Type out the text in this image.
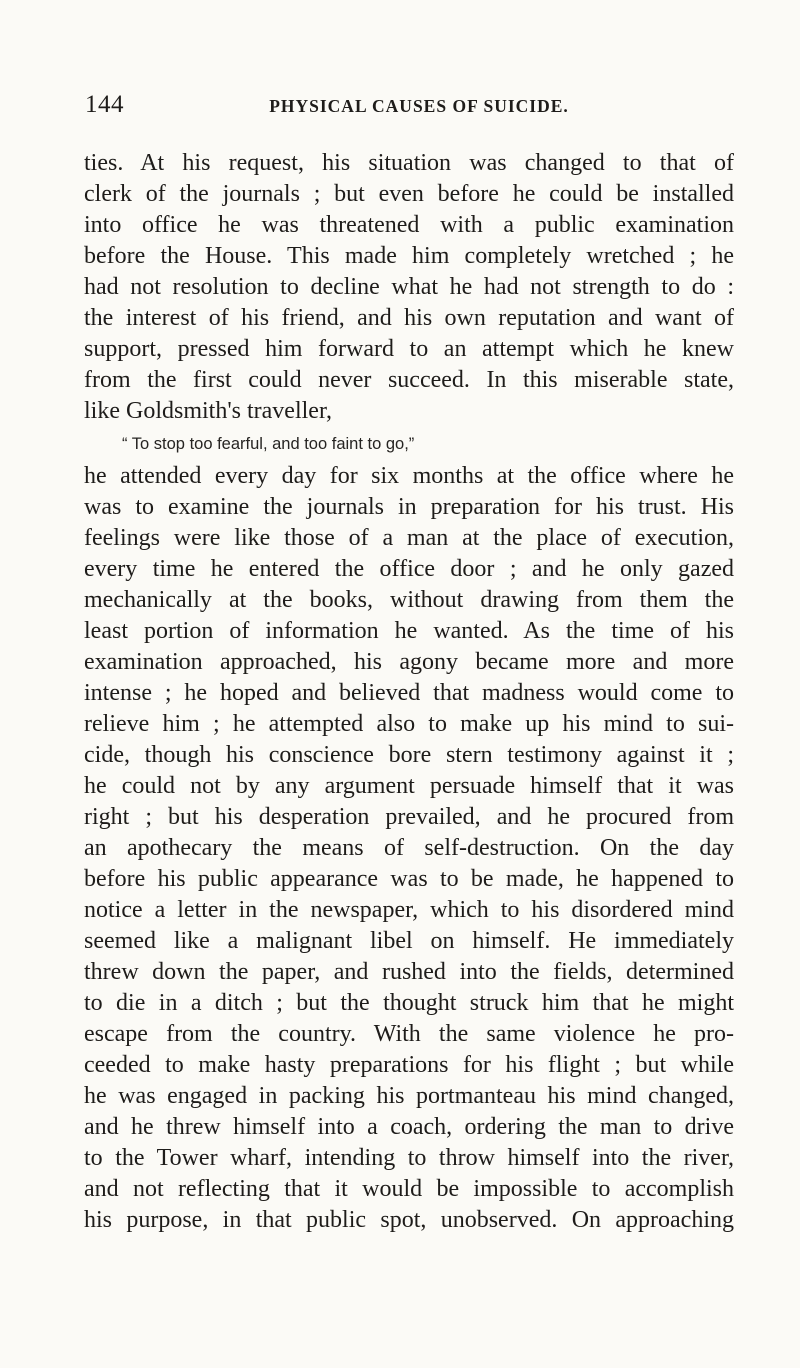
144	PHYSICAL CAUSES OF SUICIDE.
ties. At his request, his situation was changed to that of
clerk of the journals ; but even before he could be installed
into office he was threatened with a public examination
before the House. This made him completely wretched ; he
had not resolution to decline what he had not strength to do :
the interest of his friend, and his own reputation and want of
support, pressed him forward to an attempt which he knew
from the first could never succeed. In this miserable state,
like Goldsmith's traveller,
“ To stop too fearful, and too faint to go,”
he attended every day for six months at the office where he
was to examine the journals in preparation for his trust. His
feelings were like those of a man at the place of execution,
every time he entered the office door ; and he only gazed
mechanically at the books, without drawing from them the
least portion of information he wanted. As the time of his
examination approached, his agony became more and more
intense ; he hoped and believed that madness would come to
relieve him ; he attempted also to make up his mind to sui-
cide, though his conscience bore stern testimony against it ;
he could not by any argument persuade himself that it was
right ; but his desperation prevailed, and he procured from
an apothecary the means of self-destruction. On the day
before his public appearance was to be made, he happened to
notice a letter in the newspaper, which to his disordered mind
seemed like a malignant libel on himself. He immediately
threw down the paper, and rushed into the fields, determined
to die in a ditch ; but the thought struck him that he might
escape from the country. With the same violence he pro-
ceeded to make hasty preparations for his flight ; but while
he was engaged in packing his portmanteau his mind changed,
and he threw himself into a coach, ordering the man to drive
to the Tower wharf, intending to throw himself into the river,
and not reflecting that it would be impossible to accomplish
his purpose, in that public spot, unobserved. On approaching
